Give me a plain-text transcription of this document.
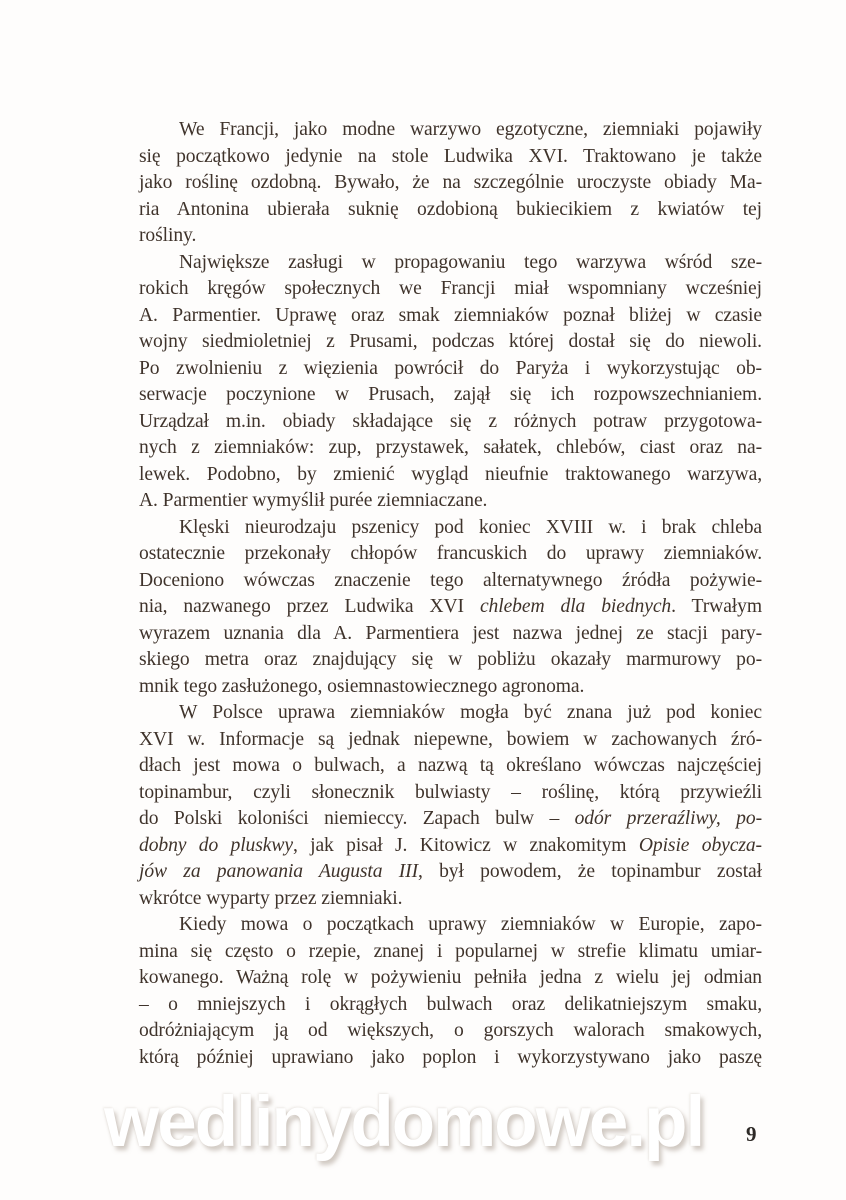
We Francji, jako modne warzywo egzotyczne, ziemniaki pojawiły
się początkowo jedynie na stole Ludwika XVI. Traktowano je także
jako roślinę ozdobną. Bywało, że na szczególnie uroczyste obiady Ma-
ria Antonina ubierała suknię ozdobioną bukiecikiem z kwiatów tej
rośliny.
Największe zasługi w propagowaniu tego warzywa wśród sze-
rokich kręgów społecznych we Francji miał wspomniany wcześniej
A. Parmentier. Uprawę oraz smak ziemniaków poznał bliżej w czasie
wojny siedmioletniej z Prusami, podczas której dostał się do niewoli.
Po zwolnieniu z więzienia powrócił do Paryża i wykorzystując ob-
serwacje poczynione w Prusach, zajął się ich rozpowszechnianiem.
Urządzał m.in. obiady składające się z różnych potraw przygotowa-
nych z ziemniaków: zup, przystawek, sałatek, chlebów, ciast oraz na-
lewek. Podobno, by zmienić wygląd nieufnie traktowanego warzywa,
A. Parmentier wymyślił purée ziemniaczane.
Klęski nieurodzaju pszenicy pod koniec XVIII w. i brak chleba
ostatecznie przekonały chłopów francuskich do uprawy ziemniaków.
Doceniono wówczas znaczenie tego alternatywnego źródła pożywie-
nia, nazwanego przez Ludwika XVI chlebem dla biednych. Trwałym
wyrazem uznania dla A. Parmentiera jest nazwa jednej ze stacji pary-
skiego metra oraz znajdujący się w pobliżu okazały marmurowy po-
mnik tego zasłużonego, osiemnastowiecznego agronoma.
W Polsce uprawa ziemniaków mogła być znana już pod koniec
XVI w. Informacje są jednak niepewne, bowiem w zachowanych źró-
dłach jest mowa o bulwach, a nazwą tą określano wówczas najczęściej
topinambur, czyli słonecznik bulwiasty – roślinę, którą przywieźli
do Polski koloniści niemieccy. Zapach bulw – odór przeraźliwy, po-
dobny do pluskwy, jak pisał J. Kitowicz w znakomitym Opisie obycza-
jów za panowania Augusta III, był powodem, że topinambur został
wkrótce wyparty przez ziemniaki.
Kiedy mowa o początkach uprawy ziemniaków w Europie, zapo-
mina się często o rzepie, znanej i popularnej w strefie klimatu umiar-
kowanego. Ważną rolę w pożywieniu pełniła jedna z wielu jej odmian
– o mniejszych i okrągłych bulwach oraz delikatniejszym smaku,
odróżniającym ją od większych, o gorszych walorach smakowych,
którą później uprawiano jako poplon i wykorzystywano jako paszę
wedlinydomowe.pl	9
